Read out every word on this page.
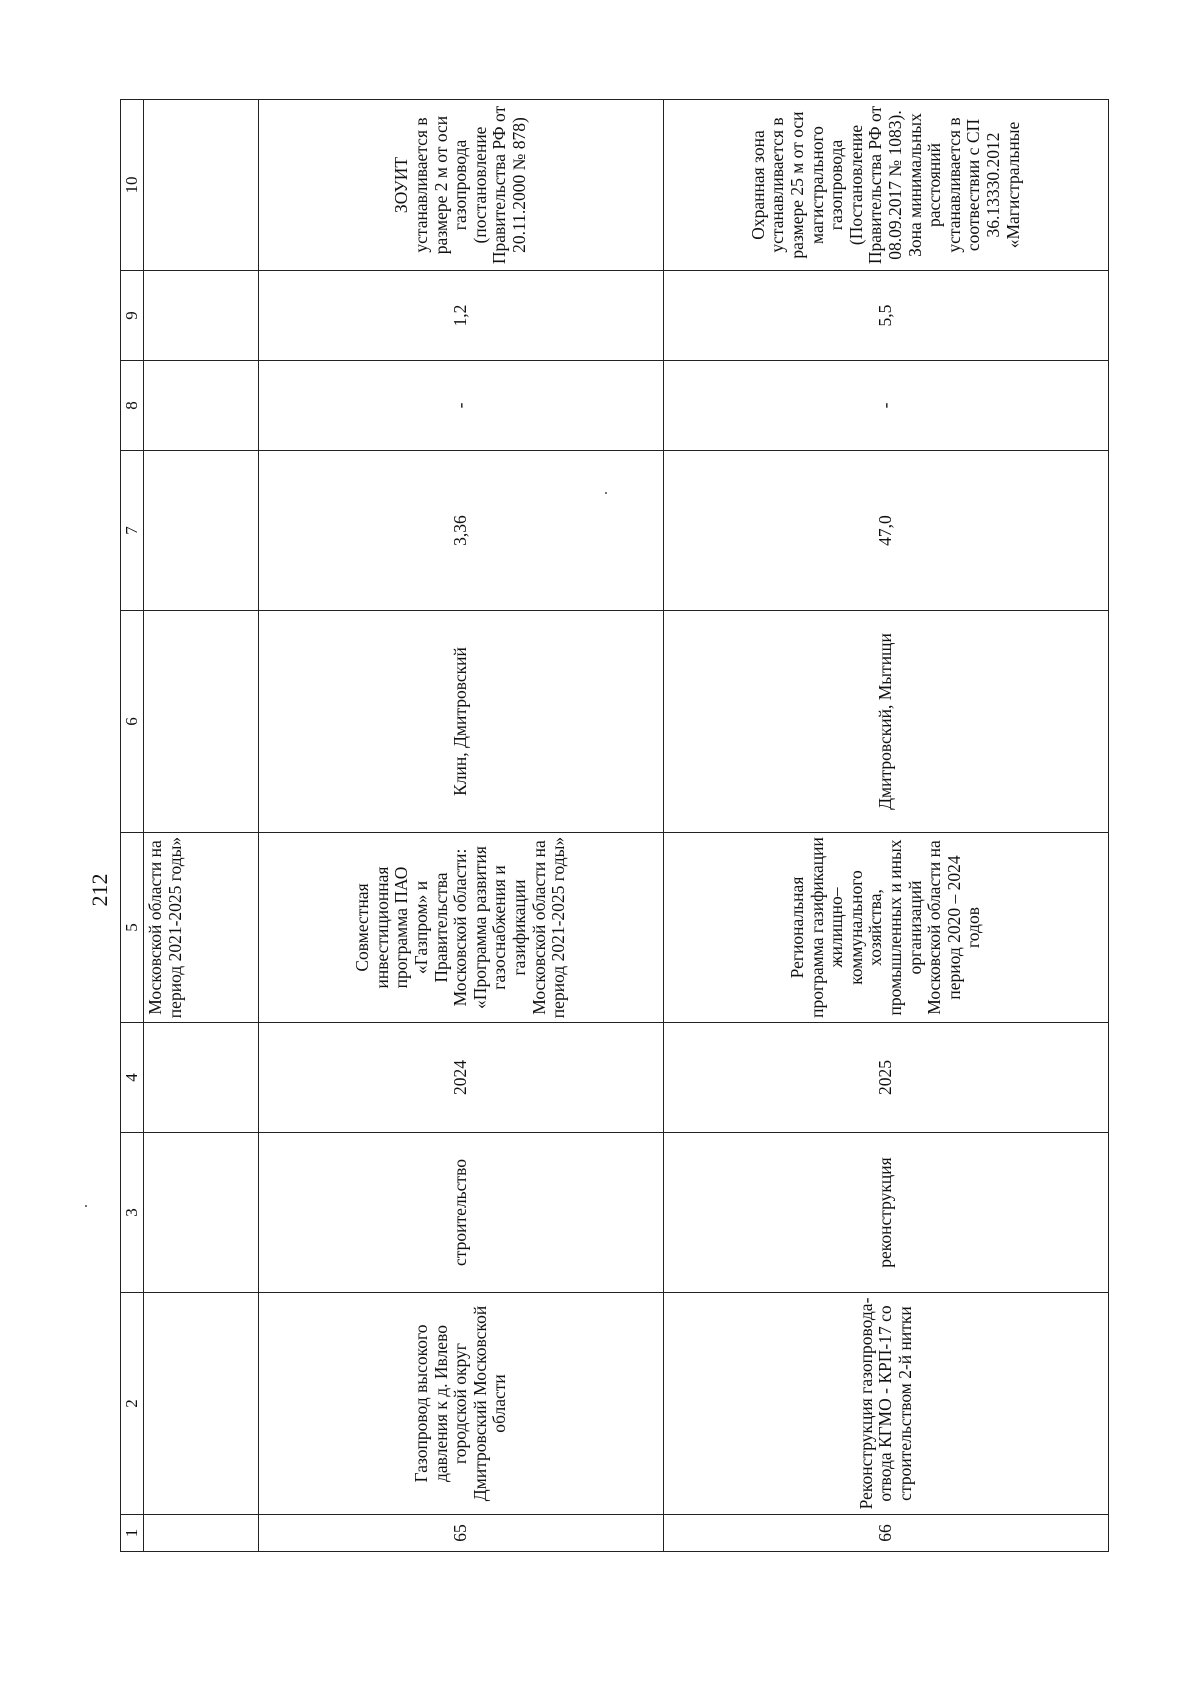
212
1	2	3	4	5	6	7	8	9	10
				Московской области на период 2021-2025 годы»					
65	Газопровод высокого давления к д. Ивлево городской округ Дмитровский Московской области	строительство	2024	Совместная инвестиционная программа ПАО «Газпром» и Правительства Московской области: «Программа развития газоснабжения и газификации Московской области на период 2021-2025 годы»	Клин, Дмитровский	3,36	-	1,2	ЗОУИТ устанавливается в размере 2 м от оси газопровода (постановление Правительства РФ от 20.11.2000 № 878)
66	Реконструкция газопровода-отвода КГМО - КРП-17 со строительством 2-й нитки	реконструкция	2025	Региональная программа газификации жилищно–коммунального хозяйства, промышленных и иных организаций Московской области на период 2020 – 2024 годов	Дмитровский, Мытищи	47,0	-	5,5	Охранная зона устанавливается в размере 25 м от оси магистрального газопровода (Постановление Правительства РФ от 08.09.2017 № 1083). Зона минимальных расстояний устанавливается в соотвествии с СП 36.13330.2012 «Магистральные
